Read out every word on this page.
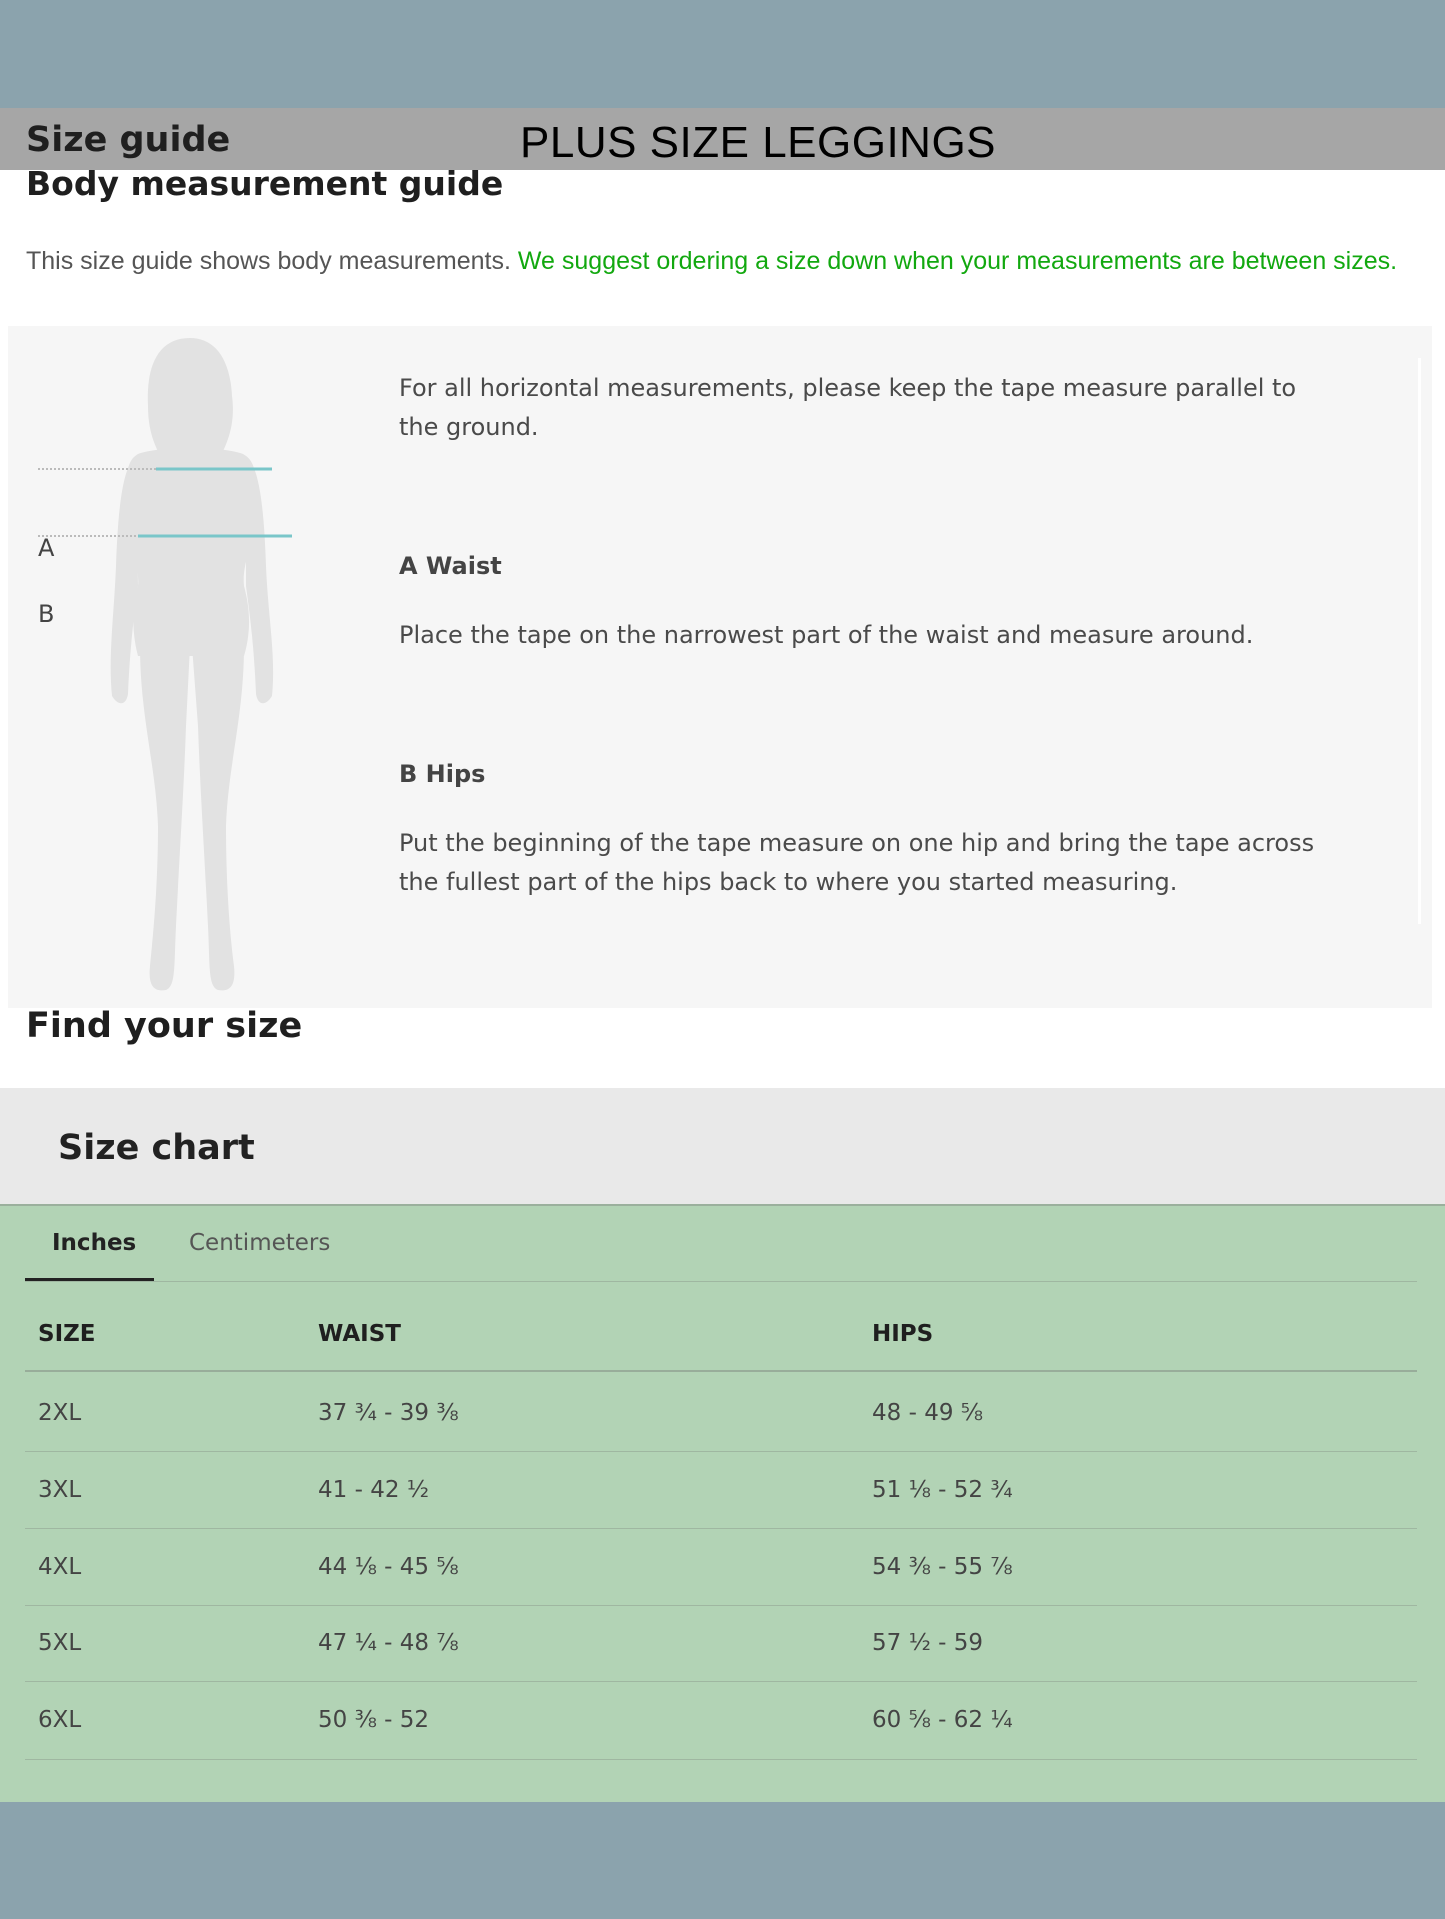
Size guide	PLUS SIZE LEGGINGS
Body measurement guide
This size guide shows body measurements. We suggest ordering a size down when your measurements are between sizes.
A
B
For all horizontal measurements, please keep the tape measure parallel to
the ground.
A Waist
Place the tape on the narrowest part of the waist and measure around.
B Hips
Put the beginning of the tape measure on one hip and bring the tape across
the fullest part of the hips back to where you started measuring.
Find your size
Size chart
Inches Centimeters
SIZE	WAIST	HIPS
2XL	37 ¾ - 39 ⅜	48 - 49 ⅝
3XL	41 - 42 ½	51 ⅛ - 52 ¾
4XL	44 ⅛ - 45 ⅝	54 ⅜ - 55 ⅞
5XL	47 ¼ - 48 ⅞	57 ½ - 59
6XL	50 ⅜ - 52	60 ⅝ - 62 ¼
